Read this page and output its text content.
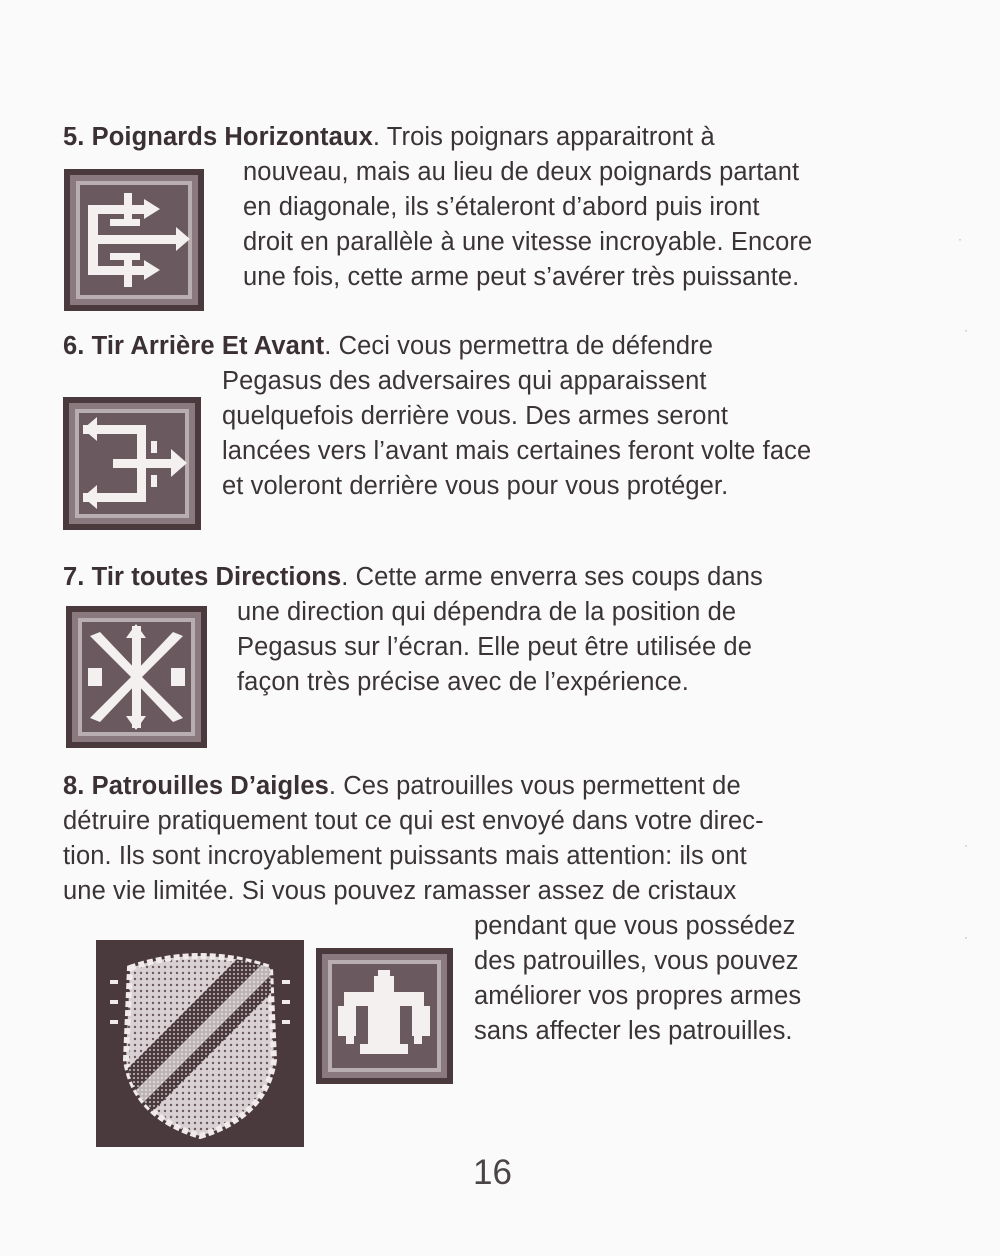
5. Poignards Horizontaux. Trois poignars apparaitront à
nouveau, mais au lieu de deux poignards partant
en diagonale, ils s’étaleront d’abord puis iront
droit en parallèle à une vitesse incroyable. Encore
une fois, cette arme peut s’avérer très puissante.
6. Tir Arrière Et Avant. Ceci vous permettra de défendre
Pegasus des adversaires qui apparaissent
quelquefois derrière vous. Des armes seront
lancées vers l’avant mais certaines feront volte face
et voleront derrière vous pour vous protéger.
7. Tir toutes Directions. Cette arme enverra ses coups dans
une direction qui dépendra de la position de
Pegasus sur l’écran. Elle peut être utilisée de
façon très précise avec de l’expérience.
8. Patrouilles D’aigles. Ces patrouilles vous permettent de
détruire pratiquement tout ce qui est envoyé dans votre direc-
tion. Ils sont incroyablement puissants mais attention: ils ont
une vie limitée. Si vous pouvez ramasser assez de cristaux
pendant que vous possédez
des patrouilles, vous pouvez
améliorer vos propres armes
sans affecter les patrouilles.
·
·
·
·
16
